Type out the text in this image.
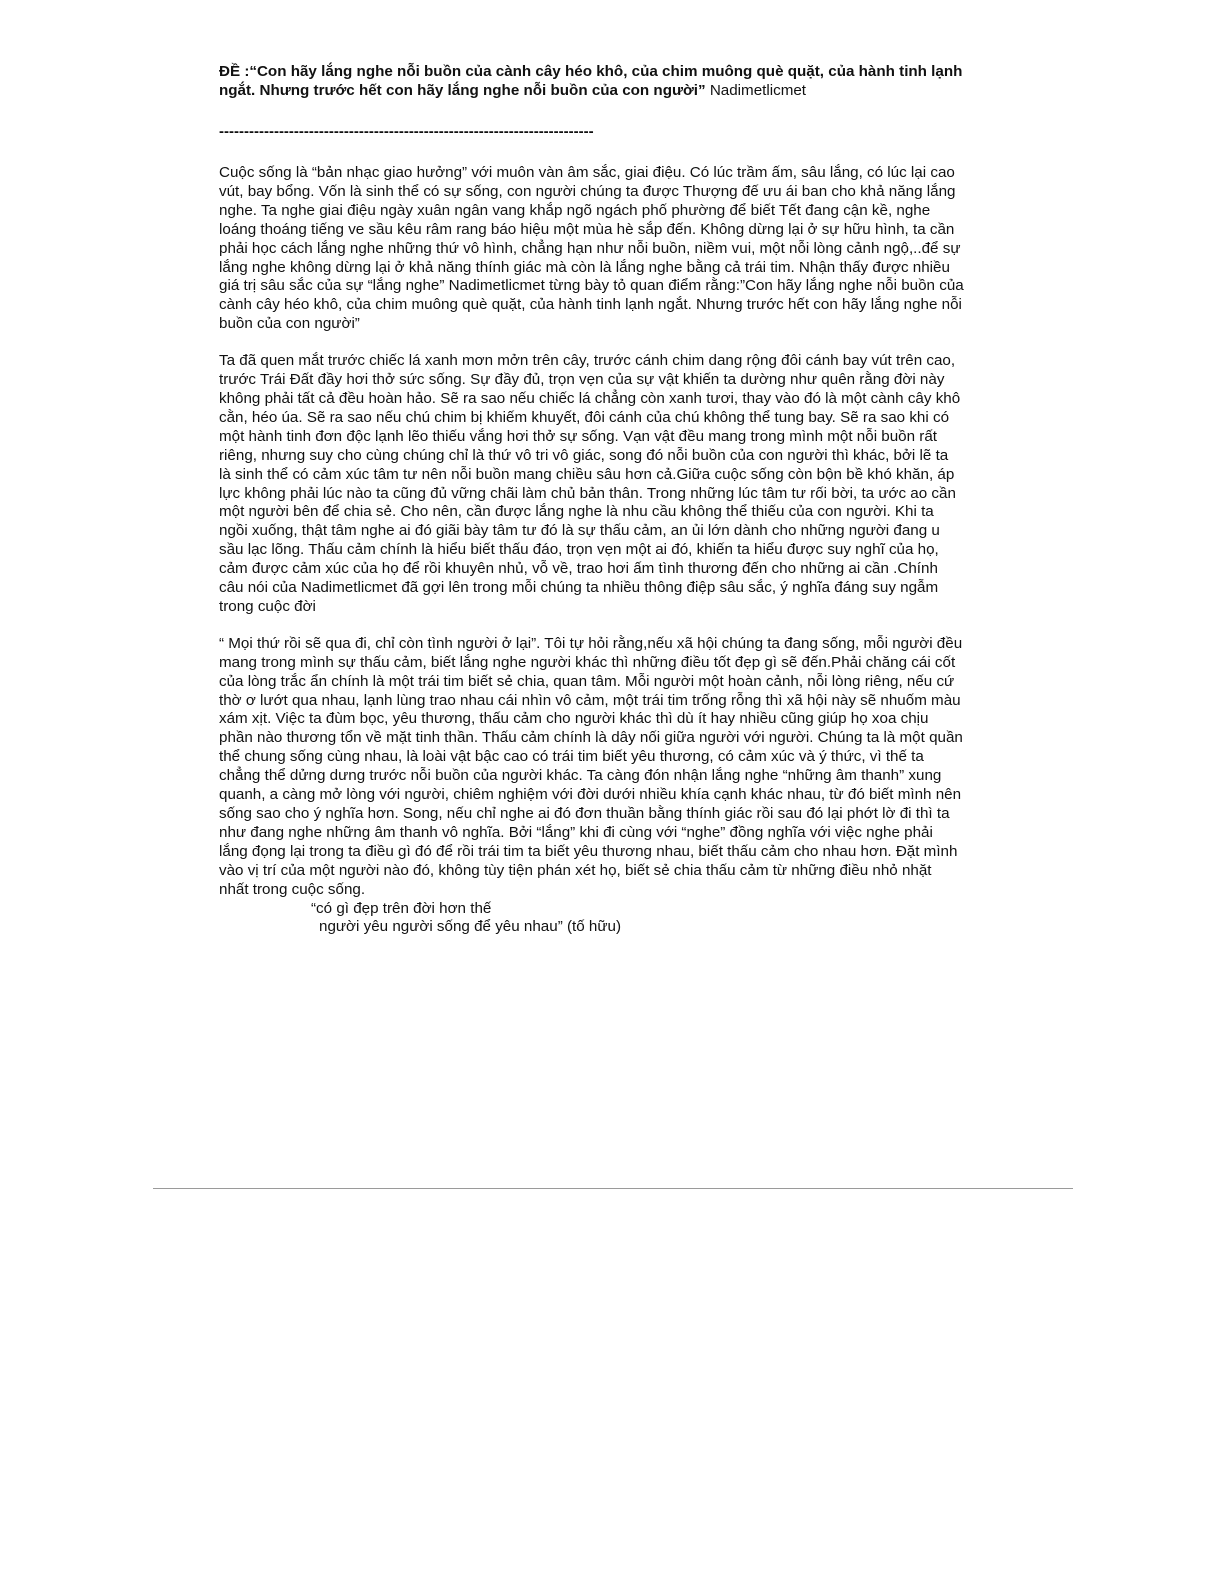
ĐỀ :“Con hãy lắng nghe nỗi buồn của cành cây héo khô, của chim muông què quặt, của hành tinh lạnh ngắt. Nhưng trước hết con hãy lắng nghe nỗi buồn của con người” Nadimetlicmet

---------------------------------------------------------------------------

Cuộc sống là “bản nhạc giao hưởng” với muôn vàn âm sắc, giai điệu. Có lúc trầm ấm, sâu lắng, có lúc lại cao vút, bay bổng. Vốn là sinh thể có sự sống, con người chúng ta được Thượng đế ưu ái ban cho khả năng lắng nghe. Ta nghe giai điệu ngày xuân ngân vang khắp ngõ ngách phố phường để biết Tết đang cận kề, nghe loáng thoáng tiếng ve sầu kêu râm rang báo hiệu một mùa hè sắp đến. Không dừng lại ở sự hữu hình, ta cần phải học cách lắng nghe những thứ vô hình, chẳng hạn như nỗi buồn, niềm vui, một nỗi lòng cảnh ngộ,..để sự lắng nghe không dừng lại ở khả năng thính giác mà còn là lắng nghe bằng cả trái tim. Nhận thấy được nhiều giá trị sâu sắc của sự “lắng nghe” Nadimetlicmet từng bày tỏ quan điểm rằng:”Con hãy lắng nghe nỗi buồn của cành cây héo khô, của chim muông què quặt, của hành tinh lạnh ngắt. Nhưng trước hết con hãy lắng nghe nỗi buồn của con người”

Ta đã quen mắt trước chiếc lá xanh mơn mởn trên cây, trước cánh chim dang rộng đôi cánh bay vút trên cao, trước Trái Đất đầy hơi thở sức sống. Sự đầy đủ, trọn vẹn của sự vật khiến ta dường như quên rằng đời này không phải tất cả đều hoàn hảo. Sẽ ra sao nếu chiếc lá chẳng còn xanh tươi, thay vào đó là một cành cây khô cằn, héo úa. Sẽ ra sao nếu chú chim bị khiếm khuyết, đôi cánh của chú không thể tung bay. Sẽ ra sao khi có một hành tinh đơn độc lạnh lẽo thiếu vắng hơi thở sự sống. Vạn vật đều mang trong mình một nỗi buồn rất riêng, nhưng suy cho cùng chúng chỉ là thứ vô tri vô giác, song đó nỗi buồn của con người thì khác, bởi lẽ ta là sinh thể có cảm xúc tâm tư nên nỗi buồn mang chiều sâu hơn cả.Giữa cuộc sống còn bộn bề khó khăn, áp lực không phải lúc nào ta cũng đủ vững chãi làm chủ bản thân. Trong những lúc tâm tư rối bời, ta ước ao cần một người bên để chia sẻ. Cho nên, cần được lắng nghe là nhu cầu không thể thiếu của con người. Khi ta ngồi xuống, thật tâm nghe ai đó giãi bày tâm tư đó là sự thấu cảm, an ủi lớn dành cho những người đang u sầu lạc lõng. Thấu cảm chính là hiểu biết thấu đáo, trọn vẹn một ai đó, khiến ta hiểu được suy nghĩ của họ, cảm được cảm xúc của họ để rồi khuyên nhủ, vỗ về, trao hơi ấm tình thương đến cho những ai cần .Chính câu nói của Nadimetlicmet đã gợi lên trong mỗi chúng ta nhiều thông điệp sâu sắc, ý nghĩa đáng suy ngẫm trong cuộc đời

“ Mọi thứ rồi sẽ qua đi, chỉ còn tình người ở lại”. Tôi tự hỏi rằng,nếu xã hội chúng ta đang sống, mỗi người đều mang trong mình sự thấu cảm, biết lắng nghe người khác thì những điều tốt đẹp gì sẽ đến.Phải chăng cái cốt của lòng trắc ẩn chính là một trái tim biết sẻ chia, quan tâm. Mỗi người một hoàn cảnh, nỗi lòng riêng, nếu cứ thờ ơ lướt qua nhau, lạnh lùng trao nhau cái nhìn vô cảm, một trái tim trống rỗng thì xã hội này sẽ nhuốm màu xám xịt. Việc ta đùm bọc, yêu thương, thấu cảm cho người khác thì dù ít hay nhiều cũng giúp họ xoa chịu phần nào thương tổn về mặt tinh thần. Thấu cảm chính là dây nối giữa người với người. Chúng ta là một quần thể chung sống cùng nhau, là loài vật bậc cao có trái tim biết yêu thương, có cảm xúc và ý thức, vì thế ta chẳng thể dửng dưng trước nỗi buồn của người khác. Ta càng đón nhận lắng nghe “những âm thanh” xung quanh, a càng mở lòng với người, chiêm nghiệm với đời dưới nhiều khía cạnh khác nhau, từ đó biết mình nên sống sao cho ý nghĩa hơn. Song, nếu chỉ nghe ai đó đơn thuần bằng thính giác rồi sau đó lại phớt lờ đi thì ta như đang nghe những âm thanh vô nghĩa. Bởi “lắng” khi đi cùng với “nghe” đồng nghĩa với việc nghe phải lắng đọng lại trong ta điều gì đó để rồi trái tim ta biết yêu thương nhau, biết thấu cảm cho nhau hơn. Đặt mình vào vị trí của một người nào đó, không tùy tiện phán xét họ, biết sẻ chia thấu cảm từ những điều nhỏ nhặt nhất trong cuộc sống.

“có gì đẹp trên đời hơn thế

người yêu người sống để yêu nhau” (tố hữu)
